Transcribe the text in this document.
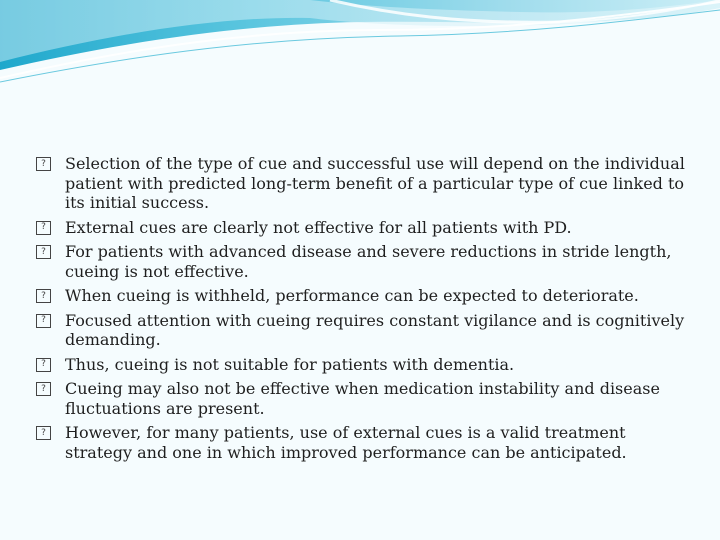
?
Selection of the type of cue and successful use will depend on the individual patient with predicted long-term benefit of a particular type of cue linked to its initial success.
?
External cues are clearly not effective for all patients with PD.
?
For patients with advanced disease and severe reductions in stride length, cueing is not effective.
?
When cueing is withheld, performance can be expected to deteriorate.
?
Focused attention with cueing requires constant vigilance and is cognitively demanding.
?
Thus, cueing is not suitable for patients with dementia.
?
Cueing may also not be effective when medication instability and disease fluctuations are present.
?
However, for many patients, use of external cues is a valid treatment strategy and one in which improved performance can be anticipated.
